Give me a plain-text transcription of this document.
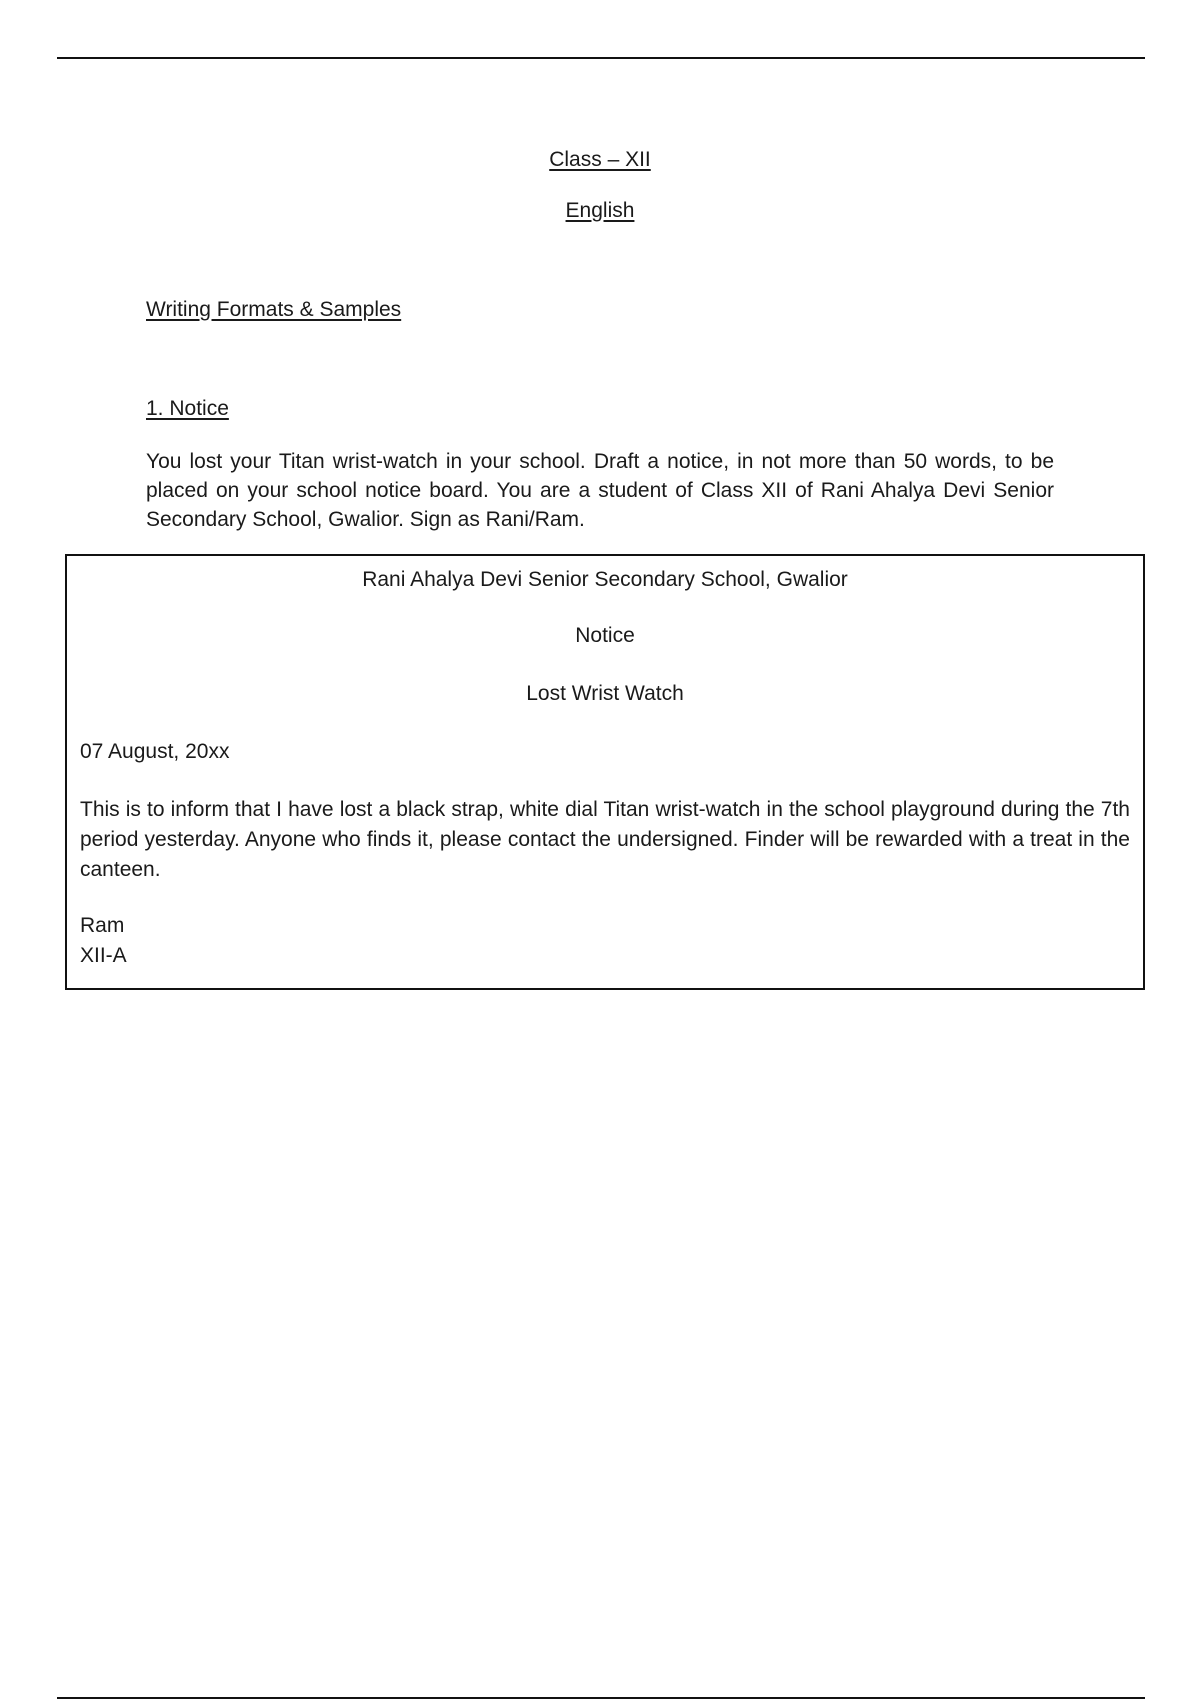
Class – XII
English
Writing Formats & Samples
1. Notice

You lost your Titan wrist-watch in your school. Draft a notice, in not more than 50 words, to be placed on your school notice board. You are a student of Class XII of Rani Ahalya Devi Senior Secondary School, Gwalior. Sign as Rani/Ram.

Rani Ahalya Devi Senior Secondary School, Gwalior
Notice
Lost Wrist Watch
07 August, 20xx

This is to inform that I have lost a black strap, white dial Titan wrist-watch in the school playground during the 7th period yesterday. Anyone who finds it, please contact the undersigned. Finder will be rewarded with a treat in the canteen.

Ram
XII-A
